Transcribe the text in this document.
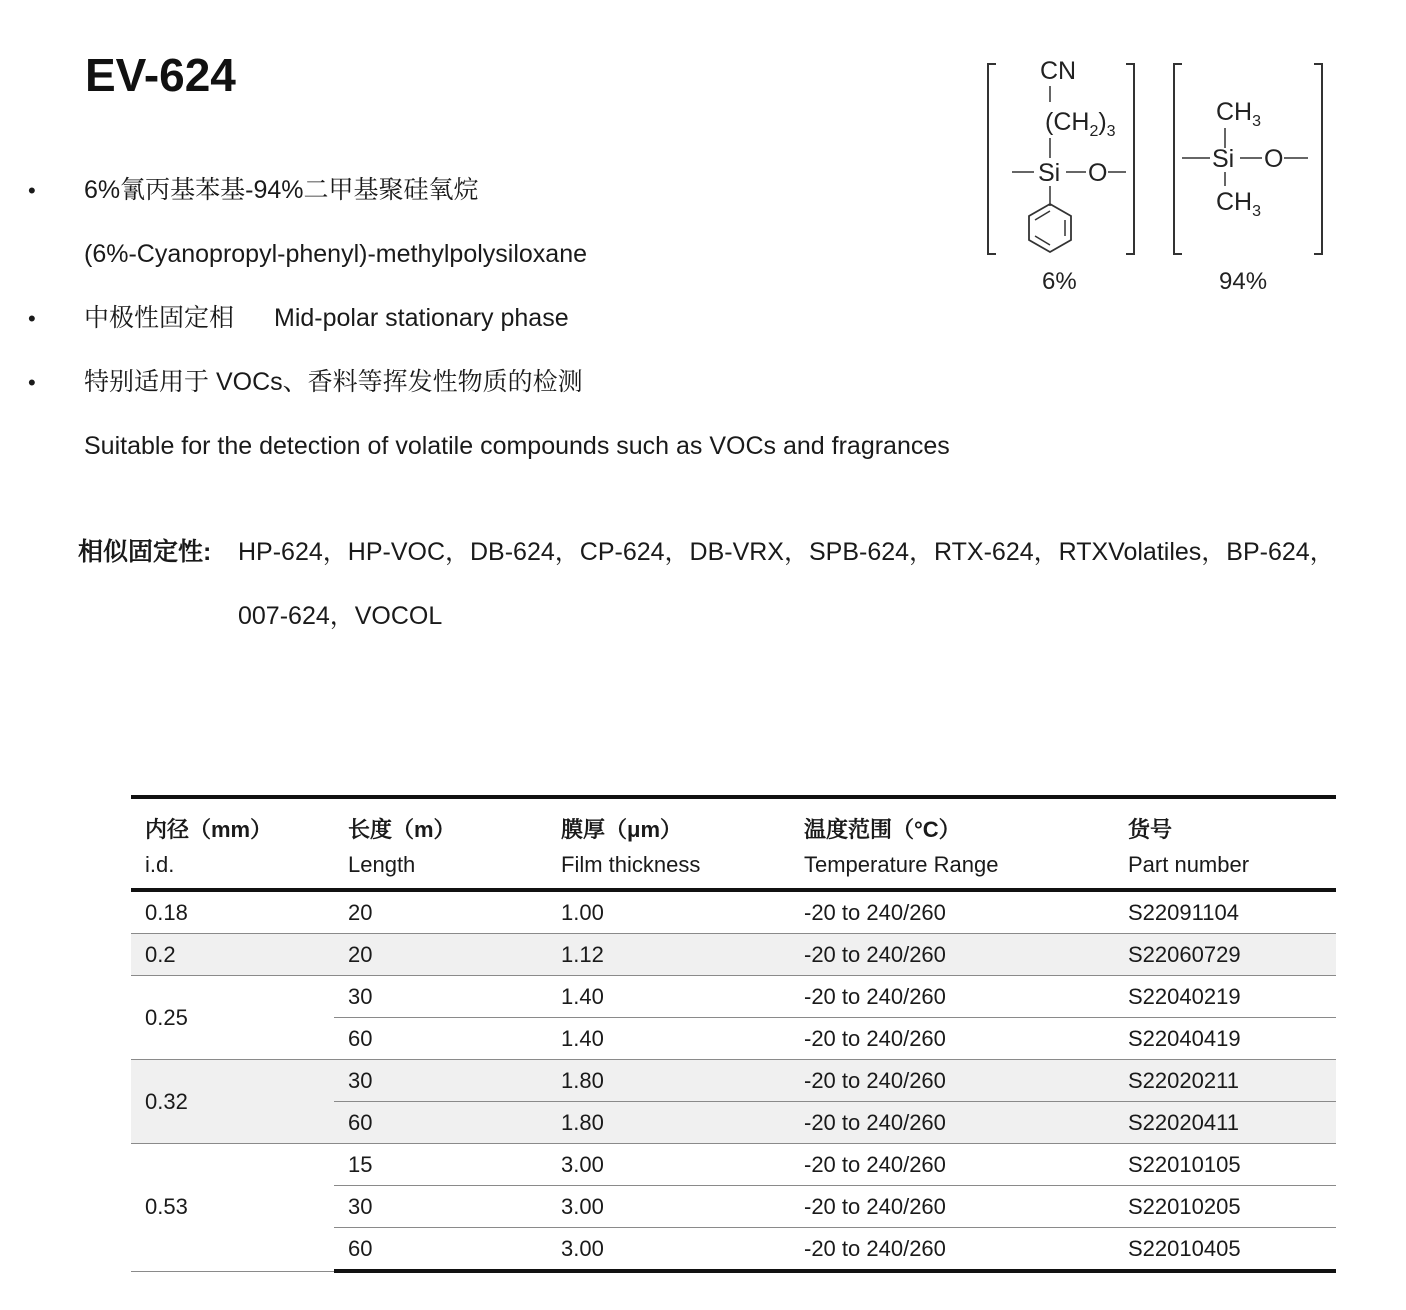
EV-624
• 6%氰丙基苯基-94%二甲基聚硅氧烷
(6%-Cyanopropyl-phenyl)-methylpolysiloxane
• 中极性固定相 Mid-polar stationary phase
• 特别适用于 VOCs、香料等挥发性物质的检测
Suitable for the detection of volatile compounds such as VOCs and fragrances
相似固定性: HP-624，HP-VOC，DB-624，CP-624，DB-VRX，SPB-624，RTX-624，RTXVolatiles，BP-624，
007-624，VOCOL
CN
$(CH_2)_3$
Si O
$CH_3$
Si O
$CH_3$
6%	94%
内径（mm）	长度（m）	膜厚（μm）	温度范围（°C）	货号
i.d.	Length	Film thickness	Temperature Range	Part number
0.18	20	1.00	-20 to 240/260	S22091104
0.2	20	1.12	-20 to 240/260	S22060729
0.25	30	1.40	-20 to 240/260	S22040219
	60	1.40	-20 to 240/260	S22040419
0.32	30	1.80	-20 to 240/260	S22020211
	60	1.80	-20 to 240/260	S22020411
0.53	15	3.00	-20 to 240/260	S22010105
	30	3.00	-20 to 240/260	S22010205
	60	3.00	-20 to 240/260	S22010405
